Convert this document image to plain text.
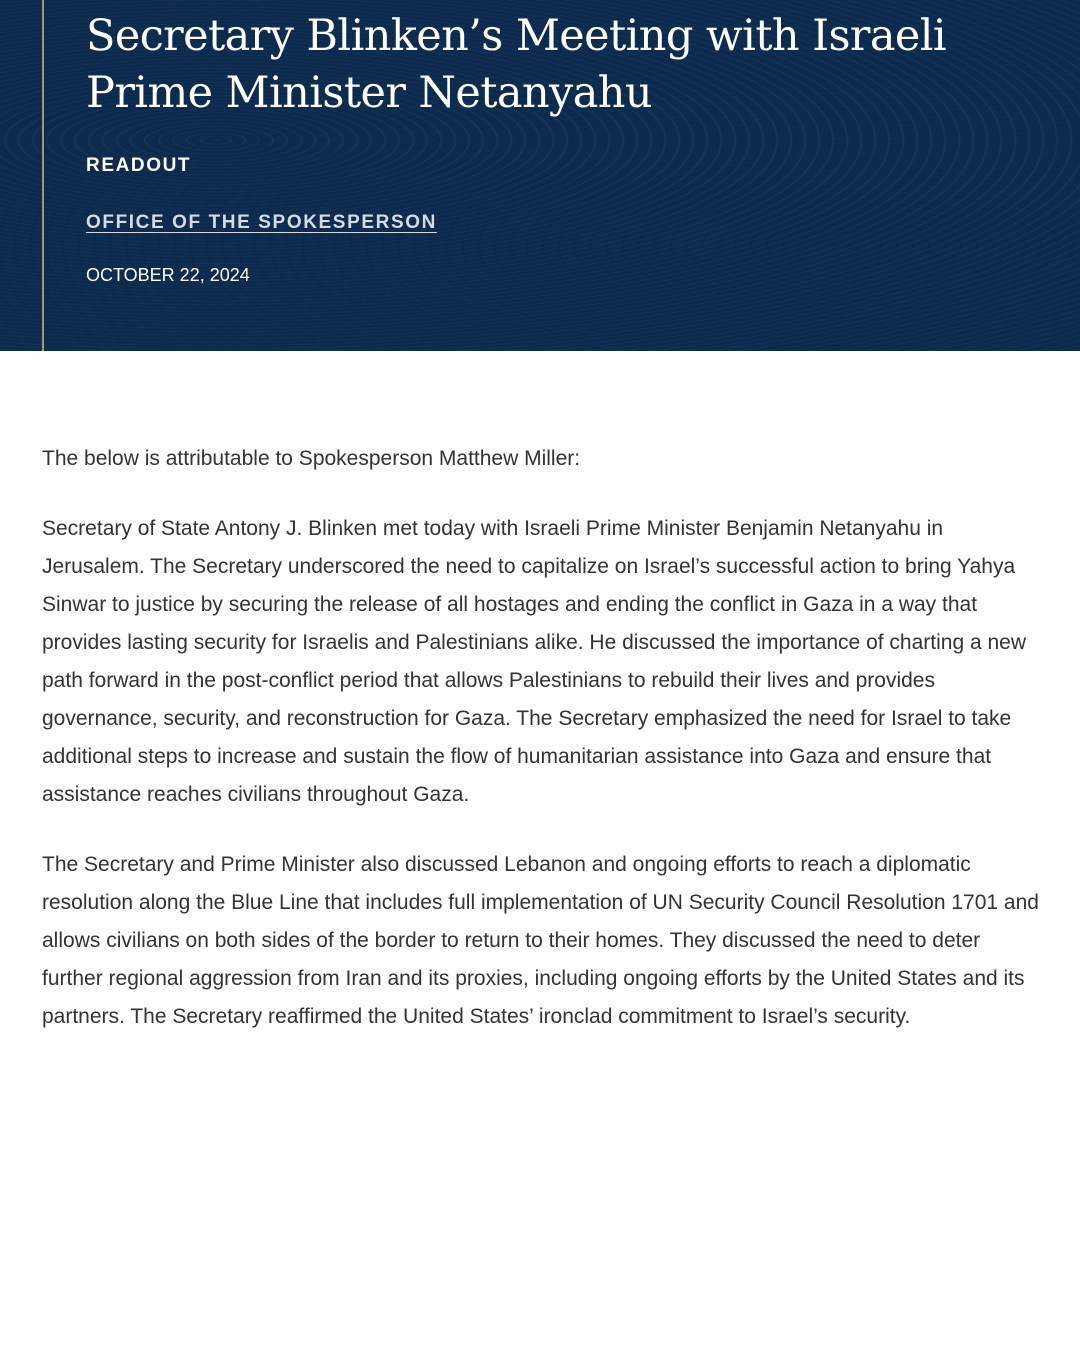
Secretary Blinken’s Meeting with Israeli Prime Minister Netanyahu
READOUT
OFFICE OF THE SPOKESPERSON
OCTOBER 22, 2024

The below is attributable to Spokesperson Matthew Miller:

Secretary of State Antony J. Blinken met today with Israeli Prime Minister Benjamin Netanyahu in Jerusalem. The Secretary underscored the need to capitalize on Israel’s successful action to bring Yahya Sinwar to justice by securing the release of all hostages and ending the conflict in Gaza in a way that provides lasting security for Israelis and Palestinians alike. He discussed the importance of charting a new path forward in the post-conflict period that allows Palestinians to rebuild their lives and provides governance, security, and reconstruction for Gaza. The Secretary emphasized the need for Israel to take additional steps to increase and sustain the flow of humanitarian assistance into Gaza and ensure that assistance reaches civilians throughout Gaza.

The Secretary and Prime Minister also discussed Lebanon and ongoing efforts to reach a diplomatic resolution along the Blue Line that includes full implementation of UN Security Council Resolution 1701 and allows civilians on both sides of the border to return to their homes. They discussed the need to deter further regional aggression from Iran and its proxies, including ongoing efforts by the United States and its partners. The Secretary reaffirmed the United States’ ironclad commitment to Israel’s security.
